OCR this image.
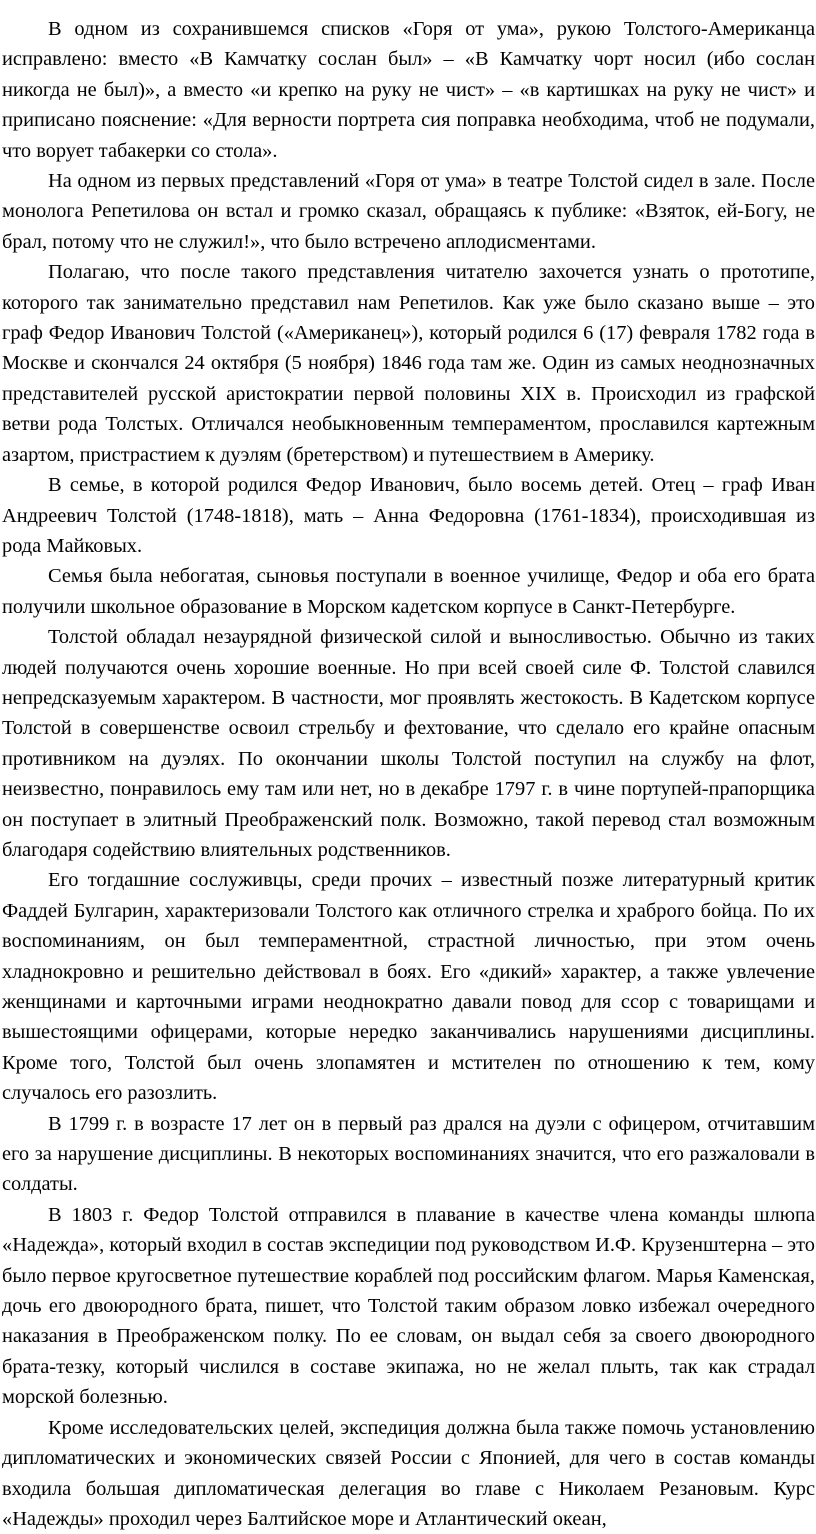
В одном из сохранившемся списков «Горя от ума», рукою Толстого-Американца исправлено: вместо «В Камчатку сослан был» – «В Камчатку чорт носил (ибо сослан никогда не был)», а вместо «и крепко на руку не чист» – «в картишках на руку не чист» и приписано пояснение: «Для верности портрета сия поправка необходима, чтоб не подумали, что ворует табакерки со стола».

На одном из первых представлений «Горя от ума» в театре Толстой сидел в зале. После монолога Репетилова он встал и громко сказал, обращаясь к публике: «Взяток, ей-Богу, не брал, потому что не служил!», что было встречено аплодисментами.

Полагаю, что после такого представления читателю захочется узнать о прототипе, которого так занимательно представил нам Репетилов. Как уже было сказано выше – это граф Федор Иванович Толстой («Американец»), который родился 6 (17) февраля 1782 года в Москве и скончался 24 октября (5 ноября) 1846 года там же. Один из самых неоднозначных представителей русской аристократии первой половины XIX в. Происходил из графской ветви рода Толстых. Отличался необыкновенным темпераментом, прославился картежным азартом, пристрастием к дуэлям (бретерством) и путешествием в Америку.

В семье, в которой родился Федор Иванович, было восемь детей. Отец – граф Иван Андреевич Толстой (1748-1818), мать – Анна Федоровна (1761-1834), происходившая из рода Майковых.

Семья была небогатая, сыновья поступали в военное училище, Федор и оба его брата получили школьное образование в Морском кадетском корпусе в Санкт-Петербурге.

Толстой обладал незаурядной физической силой и выносливостью. Обычно из таких людей получаются очень хорошие военные. Но при всей своей силе Ф. Толстой славился непредсказуемым характером. В частности, мог проявлять жестокость. В Кадетском корпусе Толстой в совершенстве освоил стрельбу и фехтование, что сделало его крайне опасным противником на дуэлях. По окончании школы Толстой поступил на службу на флот, неизвестно, понравилось ему там или нет, но в декабре 1797 г. в чине портупей-прапорщика он поступает в элитный Преображенский полк. Возможно, такой перевод стал возможным благодаря содействию влиятельных родственников.

Его тогдашние сослуживцы, среди прочих – известный позже литературный критик Фаддей Булгарин, характеризовали Толстого как отличного стрелка и храброго бойца. По их воспоминаниям, он был темпераментной, страстной личностью, при этом очень хладнокровно и решительно действовал в боях. Его «дикий» характер, а также увлечение женщинами и карточными играми неоднократно давали повод для ссор с товарищами и вышестоящими офицерами, которые нередко заканчивались нарушениями дисциплины. Кроме того, Толстой был очень злопамятен и мстителен по отношению к тем, кому случалось его разозлить.

В 1799 г. в возрасте 17 лет он в первый раз дрался на дуэли с офицером, отчитавшим его за нарушение дисциплины. В некоторых воспоминаниях значится, что его разжаловали в солдаты.

В 1803 г. Федор Толстой отправился в плавание в качестве члена команды шлюпа «Надежда», который входил в состав экспедиции под руководством И.Ф. Крузенштерна – это было первое кругосветное путешествие кораблей под российским флагом. Марья Каменская, дочь его двоюродного брата, пишет, что Толстой таким образом ловко избежал очередного наказания в Преображенском полку. По ее словам, он выдал себя за своего двоюродного брата-тезку, который числился в составе экипажа, но не желал плыть, так как страдал морской болезнью.

Кроме исследовательских целей, экспедиция должна была также помочь установлению дипломатических и экономических связей России с Японией, для чего в состав команды входила большая дипломатическая делегация во главе с Николаем Резановым. Курс «Надежды» проходил через Балтийское море и Атлантический океан,
